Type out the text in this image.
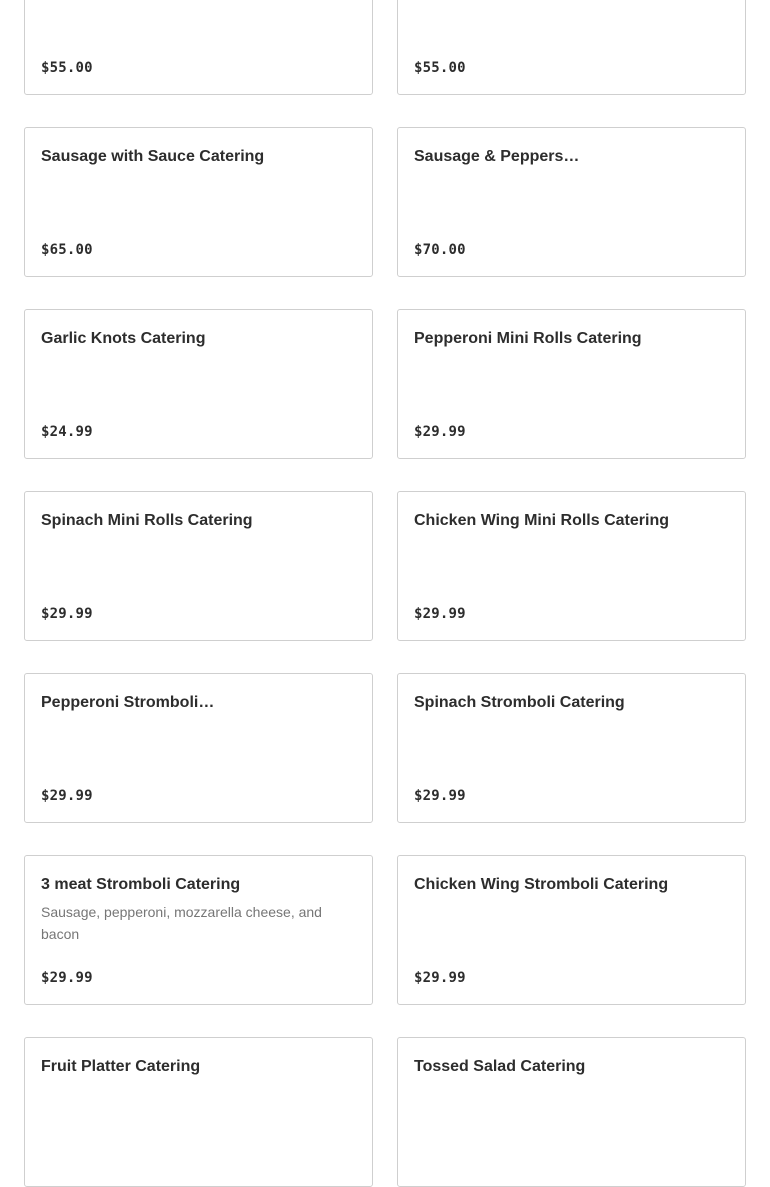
$55.00	$55.00
Sausage with Sauce Catering
$65.00
Sausage & Peppers…
$70.00
Garlic Knots Catering
$24.99
Pepperoni Mini Rolls Catering
$29.99
Spinach Mini Rolls Catering
$29.99
Chicken Wing Mini Rolls Catering
$29.99
Pepperoni Stromboli…
$29.99
Spinach Stromboli Catering
$29.99
3 meat Stromboli Catering
Sausage, pepperoni, mozzarella cheese, and bacon
$29.99
Chicken Wing Stromboli Catering
$29.99
Fruit Platter Catering	Tossed Salad Catering
